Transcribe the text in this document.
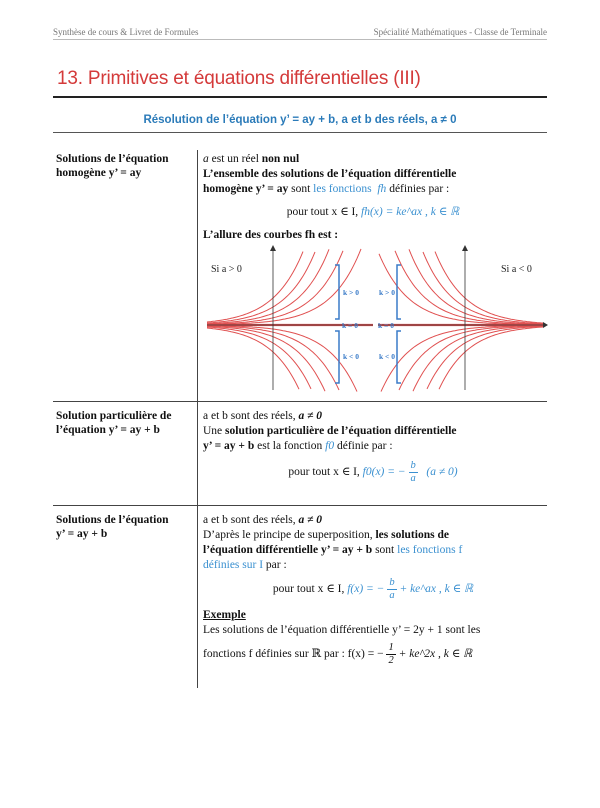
Synthèse de cours & Livret de Formules	Spécialité Mathématiques - Classe de Terminale
13. Primitives et équations différentielles (III)
Résolution de l’équation y’ = ay + b, a et b des réels, a ≠ 0
Solutions de l’équation
homogène y’ = ay
a est un réel non nul
L’ensemble des solutions de l’équation différentielle
homogène y’ = ay sont les fonctions fh définies par :
pour tout x ∈ I, fh(x) = ke^ax , k ∈ ℝ
L’allure des courbes fh est :
Si a > 0	Si a < 0
k > 0
k = 0
k < 0
k > 0
k = 0
k < 0
Solution particulière de
l’équation y’ = ay + b
a et b sont des réels, a ≠ 0
Une solution particulière de l’équation différentielle
y’ = ay + b est la fonction f0 définie par :
pour tout x ∈ I, f0(x) = − $\frac{b}{a} (a \ne 0)$
Solutions de l’équation
y’ = ay + b
a et b sont des réels, a ≠ 0
D’après le principe de superposition, les solutions de
l’équation différentielle y’ = ay + b sont les fonctions f
définies sur I par :
pour tout x ∈ I, f(x) = − $\frac{b}{a}$ + ke^ax , k ∈ ℝ
Exemple
Les solutions de l’équation différentielle y’ = 2y + 1 sont les
fonctions f définies sur ℝ par : f(x) = − $\frac{1}{2}$ + ke^2x , k ∈ ℝ
